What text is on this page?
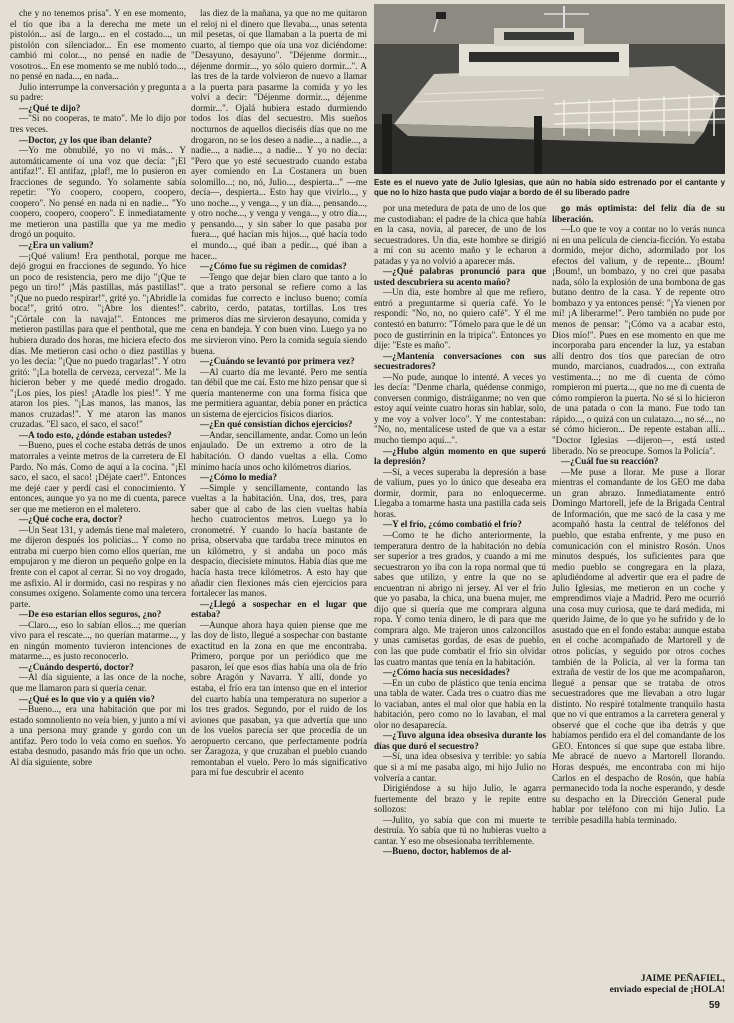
che y no tenemos prisa". Y en ese momento, el tío que iba a la derecha me mete un pistolón... así de largo... en el costado..., un pistolón con silenciador... En ese momento cambió mi color..., no pensé en nadie de vosotros... En ese momento se me nubló todo..., no pensé en nada..., en nada...

Julio interrumpe la conversación y pregunta a su padre:

—¿Qué te dijo?

—"Si no cooperas, te mato". Me lo dijo por tres veces.

—Doctor, ¿y los que iban delante?

—Yo me obnubilé, yo no vi más... Y automáticamente oí una voz que decía: "¡El antifaz!". El antifaz, ¡plaf!, me lo pusieron en fracciones de segundo. Yo solamente sabía repetir: "Yo coopero, coopero, coopero, coopero". No pensé en nada ni en nadie... "Yo coopero, coopero, coopero". E inmediatamente me metieron una pastilla que ya me medio drogó un poquito.

—¿Era un valium?

—¡Qué valium! Era penthotal, porque me dejó grogui en fracciones de segundo. Yo hice un poco de resistencia, pero me dijo "¡Que te pego un tiro!" ¡Más pastillas, más pastillas!". "¡Que no puedo respirar!", grité yo. "¡Abridle la boca!", gritó otro. "¡Abre los dientes!". "¡Córtale con la navaja!". Entonces me metieron pastillas para que el penthotal, que me hubiera durado dos horas, me hiciera efecto dos días. Me metieron casi ocho o diez pastillas y yo les decía: "¡Que no puedo tragarlas!". Y otro gritó: "¡La botella de cerveza, cerveza!". Me la hicieron beber y me quedé medio drogado. "¡Los pies, los pies! ¡Atadle los pies!". Y me ataron los pies. "¡Las manos, las manos, las manos cruzadas!". Y me ataron las manos cruzadas. "El saco, el saco, el saco!"

—A todo esto, ¿dónde estaban ustedes?

—Bueno, pues el coche estaba detrás de unos matorrales a veinte metros de la carretera de El Pardo. No más. Como de aquí a la cocina. "¡El saco, el saco, el saco! ¡Déjate caer!". Entonces me dejé caer y perdí casi el conocimiento. Y entonces, aunque yo ya no me di cuenta, parece ser que me metieron en el maletero.

—¿Qué coche era, doctor?

—Un Seat 131, y además tiene mal maletero, me dijeron después los policías... Y como no entraba mi cuerpo bien como ellos querían, me empujaron y me dieron un pequeño golpe en la frente con el capot al cerrar. Si no voy drogado, me asfixio. Al ir dormido, casi no respiras y no consumes oxígeno. Solamente como una tercera parte.

—De eso estarían ellos seguros, ¿no?

—Claro..., eso lo sabían ellos...; me querían vivo para el rescate..., no querían matarme..., y en ningún momento tuvieron intenciones de matarme..., es justo reconocerlo.

—¿Cuándo despertó, doctor?

—Al día siguiente, a las once de la noche, que me llamaron para si quería cenar.

—¿Qué es lo que vio y a quién vio?

—Bueno..., era una habitación que por mi estado somnoliento no veía bien, y junto a mí vi a una persona muy grande y gordo con un antifaz. Pero todo lo veía como en sueños. Yo estaba desnudo, pasando más frío que un ocho. Al día siguiente, sobre

las diez de la mañana, ya que no me quitaron el reloj ni el dinero que llevaba..., unas setenta mil pesetas, oí que llamaban a la puerta de mi cuarto, al tiempo que oía una voz diciéndome: "Desayuno, desayuno". "Déjenme dormir..., déjenme dormir..., yo sólo quiero dormir...". A las tres de la tarde volvieron de nuevo a llamar a la puerta para pasarme la comida y yo les volví a decir: "Déjenme dormir..., déjenme dormir...". Ojalá hubiera estado durmiendo todos los días del secuestro. Mis sueños nocturnos de aquellos dieciséis días que no me drogaron, no se los deseo a nadie..., a nadie..., a nadie..., a nadie..., a nadie... Y yo no decía: "Pero que yo esté secuestrado cuando estaba ayer comiendo en La Costanera un buen solomillo...; no, nó, Julio..., despierta..." —me decía—, despierta... Esto hay que vivirlo..., y uno noche..., y venga..., y un día..., pensando..., y otro noche..., y venga y venga..., y otro día..., y pensando..., y sin saber lo que pasaba por fuera..., qué hacían mis hijos..., qué hacía todo el mundo..., qué iban a pedir..., qué iban a hacer...

—¿Cómo fue su régimen de comidas?

—Tengo que dejar bien claro que tanto a lo que a trato personal se refiere como a las comidas fue correcto e incluso bueno; comía cabrito, cerdo, patatas, tortillas. Los tres primeros días me sirvieron desayuno, comida y cena en bandeja. Y con buen vino. Luego ya no me sirvieron vino. Pero la comida seguía siendo buena.

—¿Cuándo se levantó por primera vez?

—Al cuarto día me levanté. Pero me sentía tan débil que me caí. Esto me hizo pensar que si quería mantenerme con una forma física que me permitiera aguantar, debía poner en práctica un sistema de ejercicios físicos diarios.

—¿En qué consistían dichos ejercicios?

—Andar, sencillamente, andar. Como un león enjaulado. De un extremo a otro de la habitación. O dando vueltas a ella. Como mínimo hacía unos ocho kilómetros diarios.

—¿Cómo lo medía?

—Simple y sencillamente, contando las vueltas a la habitación. Una, dos, tres, para saber que al cabo de las cien vueltas había hecho cuatrocientos metros. Luego ya lo cronometré. Y cuando lo hacía bastante de prisa, observaba que tardaba trece minutos en un kilómetro, y si andaba un poco más despacio, diecisiete minutos. Había días que me hacía hasta trece kilómetros. A esto hay que añadir cien flexiones más cien ejercicios para fortalecer las manos.

—¿Llegó a sospechar en el lugar que estaba?

—Aunque ahora haya quien piense que me las doy de listo, llegué a sospechar con bastante exactitud en la zona en que me encontraba. Primero, porque por un periódico que me pasaron, leí que esos días había una ola de frío sobre Aragón y Navarra. Y allí, donde yo estaba, el frío era tan intenso que en el interior del cuarto había una temperatura no superior a los tres grados. Segundo, por el ruido de los aviones que pasaban, ya que advertía que uno de los vuelos parecía ser que procedía de un aeropuerto cercano, que perfectamente podría ser Zaragoza, y que cruzaban el pueblo cuando remontaban el vuelo. Pero lo más significativo para mí fue descubrir el acento

Este es el nuevo yate de Julio Iglesias, que aún no había sido estrenado por el cantante y que no lo hizo hasta que pudo viajar a bordo de él su liberado padre

por una metedura de pata de uno de los que me custodiaban: el padre de la chica que había en la casa, novia, al parecer, de uno de los secuestradores. Un día, este hombre se dirigió a mí con su acento maño y le echaron a patadas y ya no volvió a aparecer más.

—¿Qué palabras pronunció para que usted descubriera su acento maño?

—Un día, este hombre al que me refiero, entró a preguntarme si quería café. Yo le respondí: "No, no, no quiero café". Y él me contestó en baturro: "Tómelo para que le dé un poco de gustirrinín en la tripica". Entonces yo dije: "Este es maño".

—¿Mantenía conversaciones con sus secuestradores?

—No pude, aunque lo intenté. A veces yo les decía: "Denme charla, quédense conmigo, conversen conmigo, distráiganme; no ven que estoy aquí veinte cuatro horas sin hablar, solo, y me voy a volver loco". Y me contestaban: "No, no, mentalícese usted de que va a estar mucho tiempo aquí...".

—¿Hubo algún momento en que superó la depresión?

—Sí, a veces superaba la depresión a base de valium, pues yo lo único que deseaba era dormir, dormir, para no enloquecerme. Llegaba a tomarme hasta una pastilla cada seis horas.

—Y el frío, ¿cómo combatió el frío?

—Como te he dicho anteriormente, la temperatura dentro de la habitación no debía ser superior a tres grados, y cuando a mí me secuestraron yo iba con la ropa normal que tú sabes que utilizo, y entre la que no se encuentran ni abrigo ni jersey. Al ver el frío que yo pasaba, la chica, una buena mujer, me dijo que si quería que me comprara alguna ropa. Y como tenía dinero, le di para que me comprara algo. Me trajeron unos calzoncillos y unas camisetas gordas, de esas de pueblo, con las que pude combatir el frío sin olvidar las cuatro mantas que tenía en la habitación.

—¿Cómo hacía sus necesidades?

—En un cubo de plástico que tenía encima una tabla de water. Cada tres o cuatro días me lo vaciaban, antes el mal olor que había en la habitación, pero como no lo lavaban, el mal olor no desaparecía.

—¿Tuvo alguna idea obsesiva durante los días que duró el secuestro?

—Sí, una idea obsesiva y terrible: yo sabía que si a mí me pasaba algo, mi hijo Julio no volvería a cantar.

Dirigiéndose a su hijo Julio, le agarra fuertemente del brazo y le repite entre sollozos:

—Julito, yo sabía que con mi muerte te destruía. Yo sabía que tú no hubieras vuelto a cantar. Y eso me obsesionaba terriblemente.

—Bueno, doctor, hablemos de al-

go más optimista: del feliz día de su liberación.

—Lo que te voy a contar no lo verás nunca ni en una película de ciencia-ficción. Yo estaba dormido, mejor dicho, adormilado por los efectos del valium, y de repente... ¡Boum! ¡Boum!, un bombazo, y no creí que pasaba nada, sólo la explosión de una bombona de gas butano dentro de la casa. Y de repente otro bombazo y ya entonces pensé: "¡Ya vienen por mí! ¡A liberarme!". Pero también no pude por menos de pensar: "¡Cómo va a acabar esto, Dios mío!". Pues en ese momento en que me incorporaba para encender la luz, ya estaban allí dentro dos tíos que parecían de otro mundo, marcianos, cuadrados..., con extraña vestimenta...; no me di cuenta de cómo rompieron mi puerta..., que no me di cuenta de cómo rompieron la puerta. No sé si lo hicieron de una patada o con la mano. Fue todo tan rápido..., o quizá con un culatazo..., no sé..., no sé cómo hicieron... De repente estaban allí... "Doctor Iglesias —dijeron—, está usted liberado. No se preocupe. Somos la Policía".

—¿Cuál fue su reacción?

—Me puse a llorar. Me puse a llorar mientras el comandante de los GEO me daba un gran abrazo. Inmediatamente entró Domingo Martorell, jefe de la Brigada Central de Información, que me sacó de la casa y me acompañó hasta la central de teléfonos del pueblo, que estaba enfrente, y me puso en comunicación con el ministro Rosón. Unos minutos después, los suficientes para que medio pueblo se congregara en la plaza, apludiéndome al advertir que era el padre de Julio Iglesias, me metieron en un coche y emprendimos viaje a Madrid. Pero me ocurrió una cosa muy curiosa, que te dará medida, mi querido Jaime, de lo que yo he sufrido y de lo asustado que en el fondo estaba: aunque estaba en el coche acompañado de Martorell y de otros policías, y seguido por otros coches también de la Policía, al ver la forma tan extraña de vestir de los que me acompañaron, llegué a pensar que se trataba de otros secuestradores que me llevaban a otro lugar distinto. No respiré totalmente tranquilo hasta que no vi que entramos a la carretera general y observé que el coche que iba detrás y que habíamos perdido era el del comandante de los GEO. Entonces sí que supe que estaba libre. Me abracé de nuevo a Martorell llorando. Horas después, me encontraba con mi hijo Carlos en el despacho de Rosón, que había permanecido toda la noche esperando, y desde su despacho en la Dirección General pude hablar por teléfono con mi hijo Julio. La terrible pesadilla había terminado.

JAIME PEÑAFIEL,
enviado especial de ¡HOLA!
59
